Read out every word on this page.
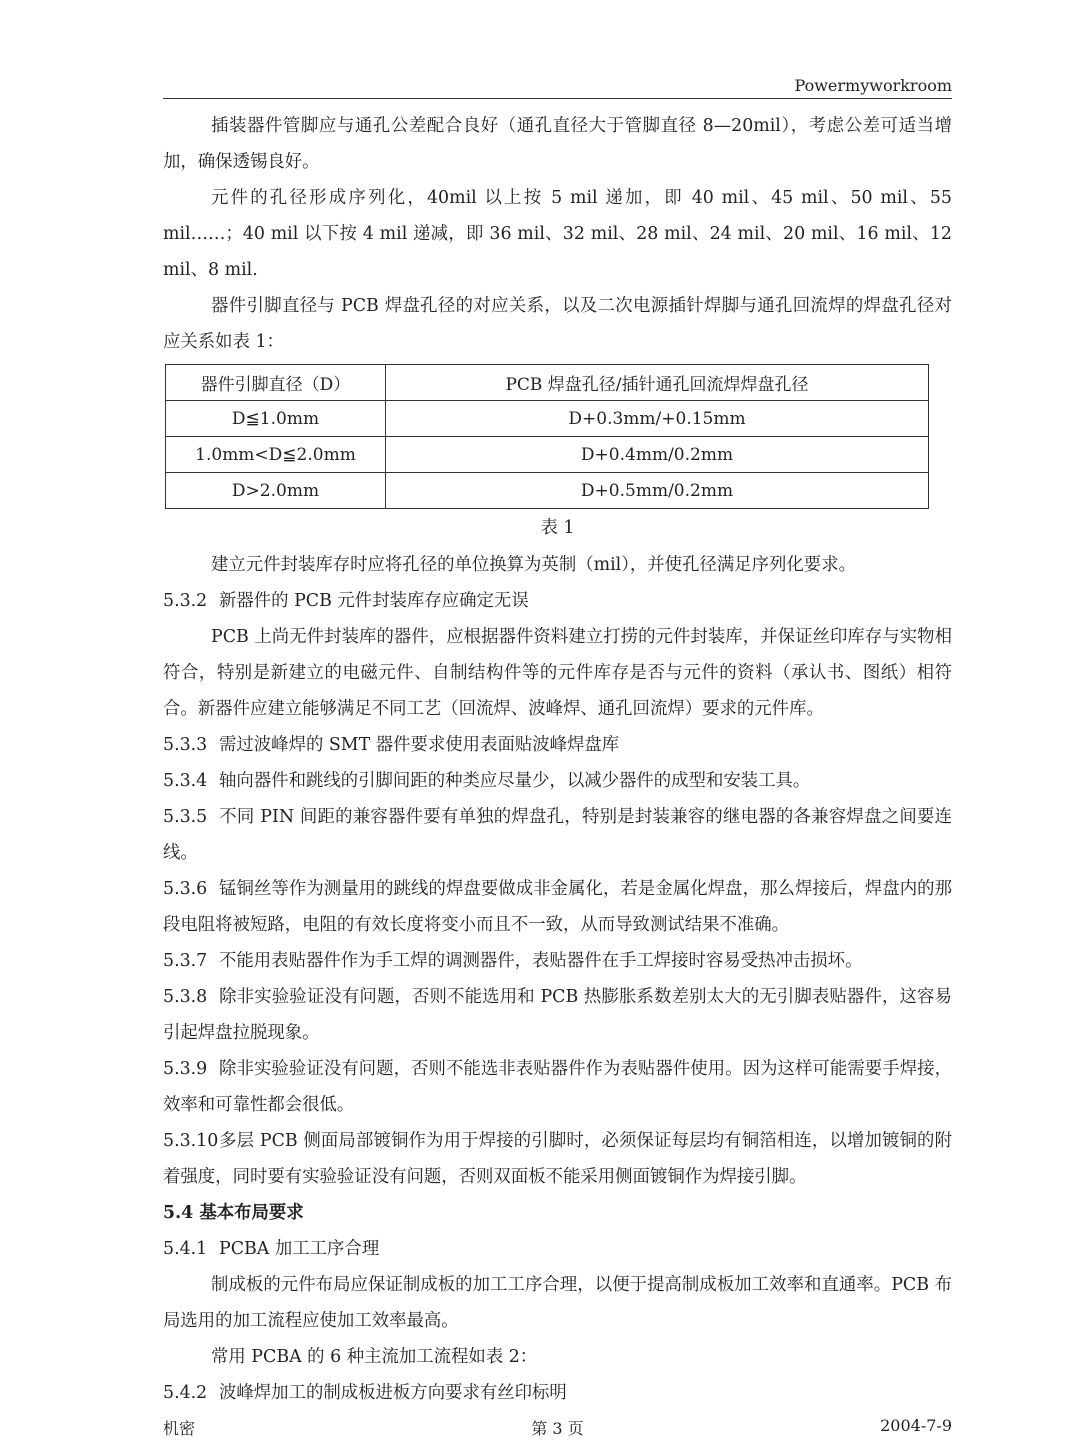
Powermyworkroom

插装器件管脚应与通孔公差配合良好（通孔直径大于管脚直径 8—20mil），考虑公差可适当增加，确保透锡良好。

元件的孔径形成序列化，40mil 以上按 5 mil 递加，即 40 mil、45 mil、50 mil、55 mil……；40 mil 以下按 4 mil 递减，即 36 mil、32 mil、28 mil、24 mil、20 mil、16 mil、12 mil、8 mil.

器件引脚直径与 PCB 焊盘孔径的对应关系，以及二次电源插针焊脚与通孔回流焊的焊盘孔径对应关系如表 1：

器件引脚直径（D）	PCB 焊盘孔径/插针通孔回流焊焊盘孔径
D≦1.0mm	D+0.3mm/+0.15mm
1.0mm<D≦2.0mm	D+0.4mm/0.2mm
D>2.0mm	D+0.5mm/0.2mm

表 1

建立元件封装库存时应将孔径的单位换算为英制（mil），并使孔径满足序列化要求。

5.3.2 新器件的 PCB 元件封装库存应确定无误

PCB 上尚无件封装库的器件，应根据器件资料建立打捞的元件封装库，并保证丝印库存与实物相符合，特别是新建立的电磁元件、自制结构件等的元件库存是否与元件的资料（承认书、图纸）相符合。新器件应建立能够满足不同工艺（回流焊、波峰焊、通孔回流焊）要求的元件库。

5.3.3 需过波峰焊的 SMT 器件要求使用表面贴波峰焊盘库

5.3.4 轴向器件和跳线的引脚间距的种类应尽量少，以减少器件的成型和安装工具。

5.3.5 不同 PIN 间距的兼容器件要有单独的焊盘孔，特别是封装兼容的继电器的各兼容焊盘之间要连线。

5.3.6 锰铜丝等作为测量用的跳线的焊盘要做成非金属化，若是金属化焊盘，那么焊接后，焊盘内的那段电阻将被短路，电阻的有效长度将变小而且不一致，从而导致测试结果不准确。

5.3.7 不能用表贴器件作为手工焊的调测器件，表贴器件在手工焊接时容易受热冲击损坏。

5.3.8 除非实验验证没有问题，否则不能选用和 PCB 热膨胀系数差别太大的无引脚表贴器件，这容易引起焊盘拉脱现象。

5.3.9 除非实验验证没有问题，否则不能选非表贴器件作为表贴器件使用。因为这样可能需要手焊接，效率和可靠性都会很低。

5.3.10多层 PCB 侧面局部镀铜作为用于焊接的引脚时，必须保证每层均有铜箔相连，以增加镀铜的附着强度，同时要有实验验证没有问题，否则双面板不能采用侧面镀铜作为焊接引脚。

5.4 基本布局要求

5.4.1 PCBA 加工工序合理

制成板的元件布局应保证制成板的加工工序合理，以便于提高制成板加工效率和直通率。PCB 布局选用的加工流程应使加工效率最高。

常用 PCBA 的 6 种主流加工流程如表 2：

5.4.2 波峰焊加工的制成板进板方向要求有丝印标明

机密	第 3 页	2004-7-9
